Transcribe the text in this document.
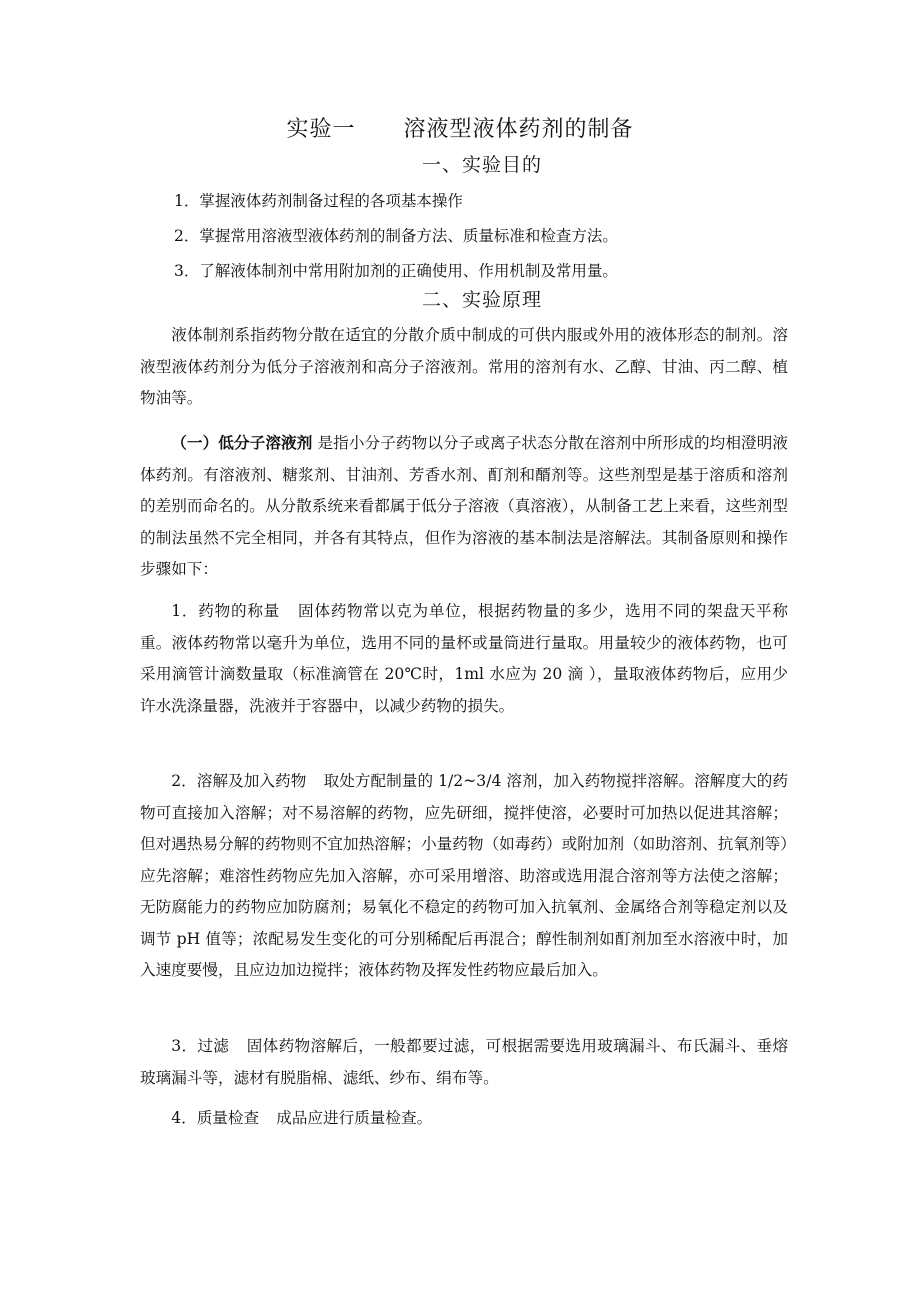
实验一      溶液型液体药剂的制备
一、实验目的
1．掌握液体药剂制备过程的各项基本操作
2．掌握常用溶液型液体药剂的制备方法、质量标准和检查方法。
3．了解液体制剂中常用附加剂的正确使用、作用机制及常用量。
二、实验原理

液体制剂系指药物分散在适宜的分散介质中制成的可供内服或外用的液体形态的制剂。溶液型液体药剂分为低分子溶液剂和高分子溶液剂。常用的溶剂有水、乙醇、甘油、丙二醇、植物油等。

（一）低分子溶液剂 是指小分子药物以分子或离子状态分散在溶剂中所形成的均相澄明液体药剂。有溶液剂、糖浆剂、甘油剂、芳香水剂、酊剂和醑剂等。这些剂型是基于溶质和溶剂的差别而命名的。从分散系统来看都属于低分子溶液（真溶液），从制备工艺上来看，这些剂型的制法虽然不完全相同，并各有其特点，但作为溶液的基本制法是溶解法。其制备原则和操作步骤如下：

1．药物的称量 固体药物常以克为单位，根据药物量的多少，选用不同的架盘天平称重。液体药物常以毫升为单位，选用不同的量杯或量筒进行量取。用量较少的液体药物，也可采用滴管计滴数量取（标准滴管在 20℃时，1ml 水应为 20 滴 ），量取液体药物后，应用少许水洗涤量器，洗液并于容器中，以减少药物的损失。

2．溶解及加入药物 取处方配制量的 1/2~3/4 溶剂，加入药物搅拌溶解。溶解度大的药物可直接加入溶解；对不易溶解的药物，应先研细，搅拌使溶，必要时可加热以促进其溶解；但对遇热易分解的药物则不宜加热溶解；小量药物（如毒药）或附加剂（如助溶剂、抗氧剂等）应先溶解；难溶性药物应先加入溶解，亦可采用增溶、助溶或选用混合溶剂等方法使之溶解；无防腐能力的药物应加防腐剂；易氧化不稳定的药物可加入抗氧剂、金属络合剂等稳定剂以及调节 pH 值等；浓配易发生变化的可分别稀配后再混合；醇性制剂如酊剂加至水溶液中时，加入速度要慢，且应边加边搅拌；液体药物及挥发性药物应最后加入。

3．过滤 固体药物溶解后，一般都要过滤，可根据需要选用玻璃漏斗、布氏漏斗、垂熔玻璃漏斗等，滤材有脱脂棉、滤纸、纱布、绢布等。

4．质量检查 成品应进行质量检查。
